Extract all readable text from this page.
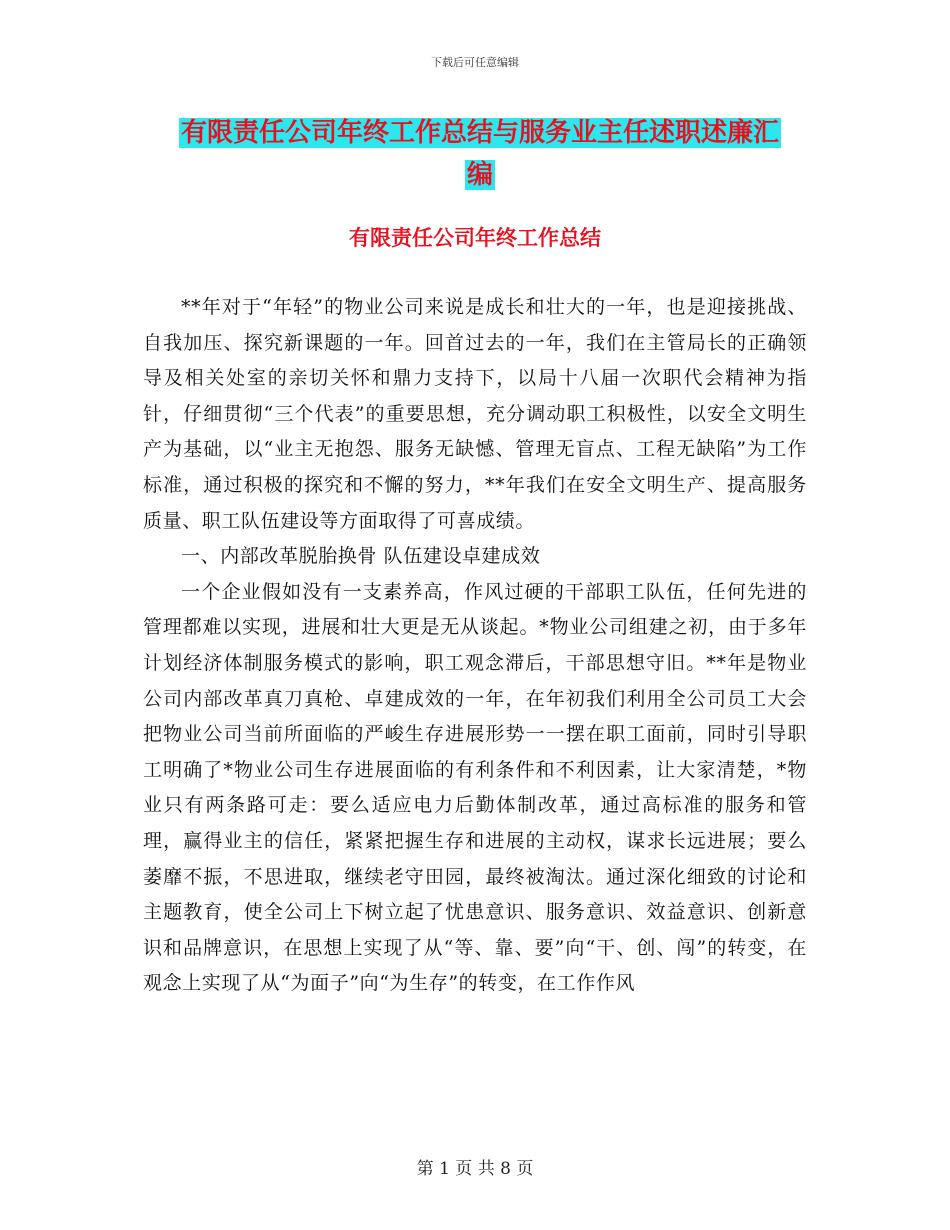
下载后可任意编辑
有限责任公司年终工作总结与服务业主任述职述廉汇
编
有限责任公司年终工作总结

**年对于“年轻”的物业公司来说是成长和壮大的一年，也是迎接挑战、自我加压、探究新课题的一年。回首过去的一年，我们在主管局长的正确领导及相关处室的亲切关怀和鼎力支持下，以局十八届一次职代会精神为指针，仔细贯彻“三个代表”的重要思想，充分调动职工积极性，以安全文明生产为基础，以“业主无抱怨、服务无缺憾、管理无盲点、工程无缺陷”为工作标准，通过积极的探究和不懈的努力，**年我们在安全文明生产、提高服务质量、职工队伍建设等方面取得了可喜成绩。

一、内部改革脱胎换骨 队伍建设卓建成效

一个企业假如没有一支素养高，作风过硬的干部职工队伍，任何先进的管理都难以实现，进展和壮大更是无从谈起。*物业公司组建之初，由于多年计划经济体制服务模式的影响，职工观念滞后，干部思想守旧。**年是物业公司内部改革真刀真枪、卓建成效的一年，在年初我们利用全公司员工大会把物业公司当前所面临的严峻生存进展形势一一摆在职工面前，同时引导职工明确了*物业公司生存进展面临的有利条件和不利因素，让大家清楚，*物业只有两条路可走：要么适应电力后勤体制改革，通过高标准的服务和管理，赢得业主的信任，紧紧把握生存和进展的主动权，谋求长远进展；要么萎靡不振，不思进取，继续老守田园，最终被淘汰。通过深化细致的讨论和主题教育，使全公司上下树立起了忧患意识、服务意识、效益意识、创新意识和品牌意识，在思想上实现了从“等、靠、要”向“干、创、闯”的转变，在观念上实现了从“为面子”向“为生存”的转变，在工作作风

第 1 页 共 8 页
